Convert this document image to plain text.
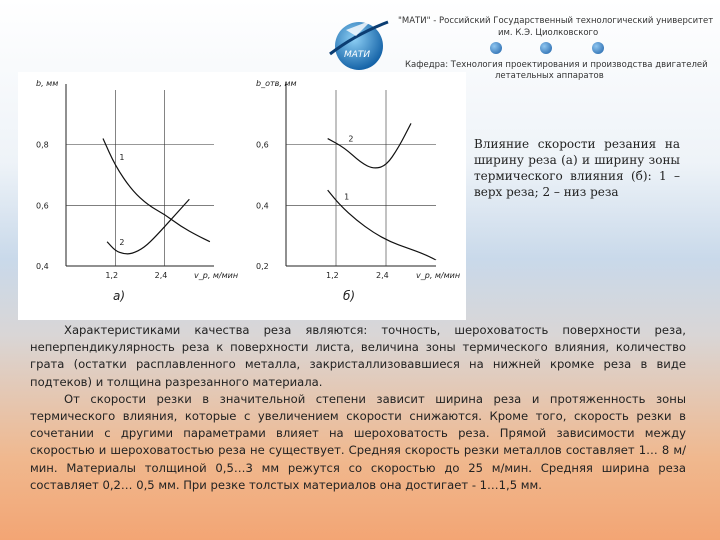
МАТИ
"МАТИ" - Российский Государственный технологический университет
им. К.Э. Циолковского
Кафедра: Технология проектирования и производства двигателей
летательных аппаратов
0,4
0,6
0,8
1,2	2,4
b, мм
v_р, м/мин
а)
1
2
0,2
0,4
0,6
1,2	2,4
b_отв, мм
v_р, м/мин
б)
2
1
Влияние скорости резания на ширину реза (а) и ширину зоны термического влияния (б): 1 – верх реза; 2 – низ реза

Характеристиками качества реза являются: точность, шероховатость поверхности реза, неперпендикулярность реза к поверхности листа, величина зоны термического влияния, количество грата (остатки расплавленного металла, закристаллизовавшиеся на нижней кромке реза в виде подтеков) и толщина разрезанного материала.

От скорости резки в значительной степени зависит ширина реза и протяженность зоны термического влияния, которые с увеличением скорости снижаются. Кроме того, скорость резки в сочетании с другими параметрами влияет на шероховатость реза. Прямой зависимости между скоростью и шероховатостью реза не существует. Средняя скорость резки металлов составляет 1… 8 м/мин. Материалы толщиной 0,5…3 мм режутся со скоростью до 25 м/мин. Средняя ширина реза составляет 0,2… 0,5 мм. При резке толстых материалов она достигает - 1…1,5 мм.
